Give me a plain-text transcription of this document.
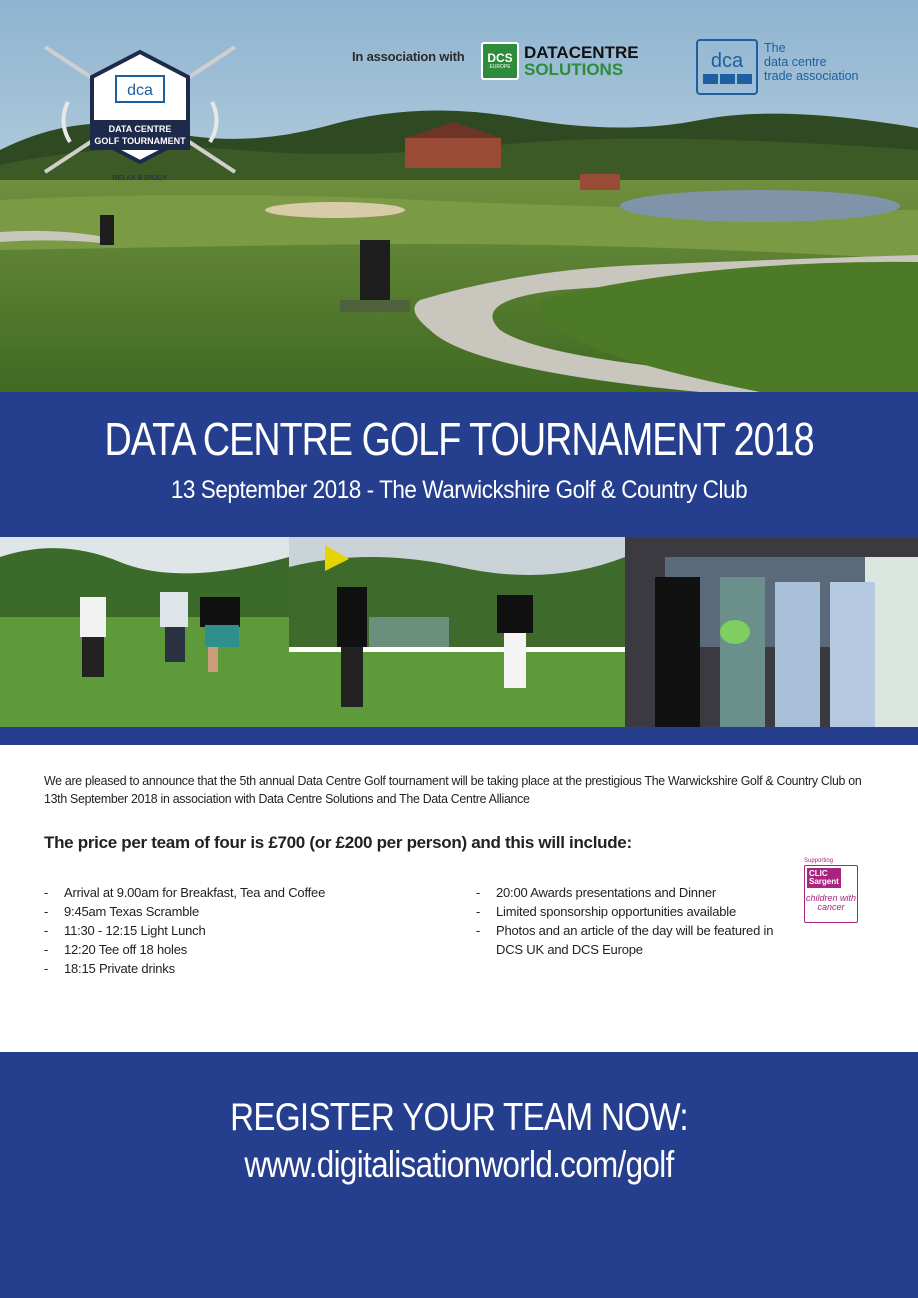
dca
DATA CENTRE
GOLF TOURNAMENT
RELAX & ENJOY
In association with DCS
EUROPE
DATACENTRE
SOLUTIONS	dca
The
data centre
trade association
DATA CENTRE GOLF TOURNAMENT 2018
13 September 2018 - The Warwickshire Golf & Country Club
We are pleased to announce that the 5th annual Data Centre Golf tournament will be taking place at the prestigious The Warwickshire Golf & Country Club on 13th September 2018 in association with Data Centre Solutions and The Data Centre Alliance
The price per team of four is £700 (or £200 per person) and this will include:
- Arrival at 9.00am for Breakfast, Tea and Coffee
- 9:45am Texas Scramble
- 11:30 - 12:15 Light Lunch
- 12:20 Tee off 18 holes
- 18:15 Private drinks
- 20:00 Awards presentations and Dinner
- Limited sponsorship opportunities available
- Photos and an article of the day will be featured in DCS UK and DCS Europe
Supporting
CLIC Sargent
children with cancer
REGISTER YOUR TEAM NOW:
www.digitalisationworld.com/golf
